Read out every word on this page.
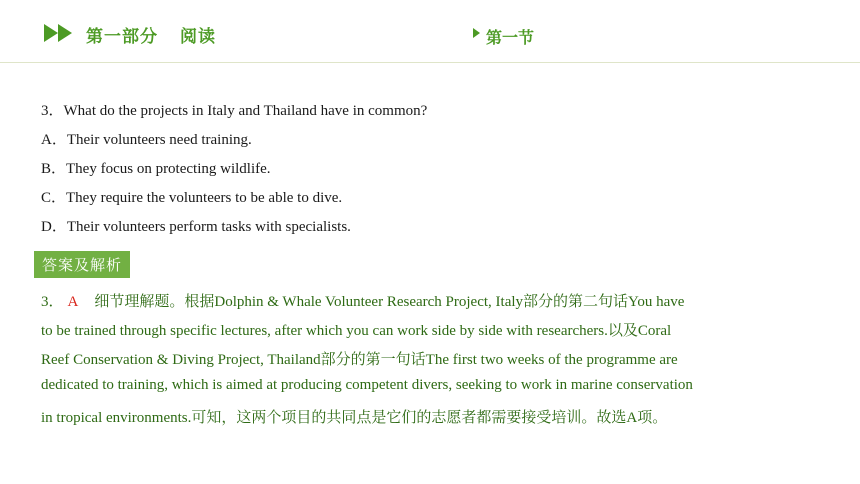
第一部分 阅读	第一节
3．What do the projects in Italy and Thailand have in common?
A．Their volunteers need training.
B．They focus on protecting wildlife.
C．They require the volunteers to be able to dive.
D．Their volunteers perform tasks with specialists.
答案及解析
3． A 细节理解题。根据Dolphin & Whale Volunteer Research Project, Italy部分的第二句话You have
to be trained through specific lectures, after which you can work side by side with researchers.以及Coral
Reef Conservation & Diving Project, Thailand部分的第一句话The first two weeks of the programme are
dedicated to training, which is aimed at producing competent divers, seeking to work in marine conservation
in tropical environments.可知，这两个项目的共同点是它们的志愿者都需要接受培训。故选A项。
